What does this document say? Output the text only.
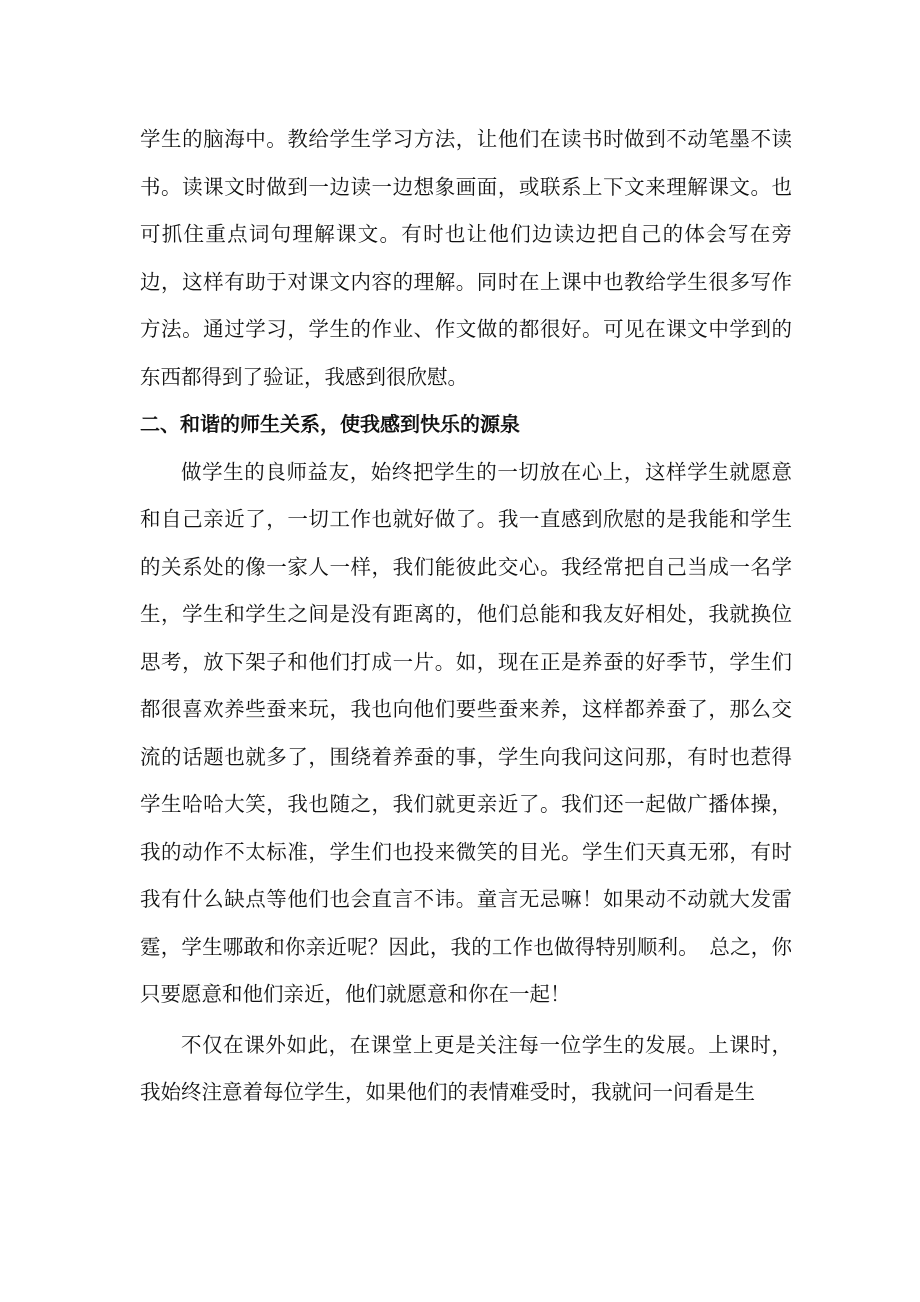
学生的脑海中。教给学生学习方法，让他们在读书时做到不动笔墨不读书。读课文时做到一边读一边想象画面，或联系上下文来理解课文。也可抓住重点词句理解课文。有时也让他们边读边把自己的体会写在旁边，这样有助于对课文内容的理解。同时在上课中也教给学生很多写作方法。通过学习，学生的作业、作文做的都很好。可见在课文中学到的东西都得到了验证，我感到很欣慰。

二、和谐的师生关系，使我感到快乐的源泉

做学生的良师益友，始终把学生的一切放在心上，这样学生就愿意和自己亲近了，一切工作也就好做了。我一直感到欣慰的是我能和学生的关系处的像一家人一样，我们能彼此交心。我经常把自己当成一名学生，学生和学生之间是没有距离的，他们总能和我友好相处，我就换位思考，放下架子和他们打成一片。如，现在正是养蚕的好季节，学生们都很喜欢养些蚕来玩，我也向他们要些蚕来养，这样都养蚕了，那么交流的话题也就多了，围绕着养蚕的事，学生向我问这问那，有时也惹得学生哈哈大笑，我也随之，我们就更亲近了。我们还一起做广播体操，我的动作不太标准，学生们也投来微笑的目光。学生们天真无邪，有时我有什么缺点等他们也会直言不讳。童言无忌嘛！如果动不动就大发雷霆，学生哪敢和你亲近呢？因此，我的工作也做得特别顺利。　总之，你只要愿意和他们亲近，他们就愿意和你在一起！

不仅在课外如此，在课堂上更是关注每一位学生的发展。上课时，我始终注意着每位学生，如果他们的表情难受时，我就问一问看是生
